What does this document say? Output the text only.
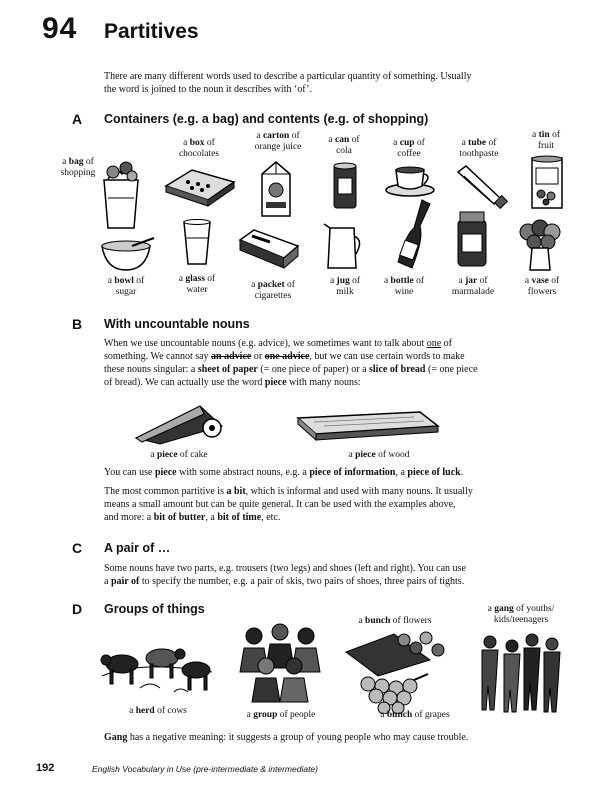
94 Partitives
There are many different words used to describe a particular quantity of something. Usually
the word is joined to the noun it describes with ‘of’.
A Containers (e.g. a bag) and contents (e.g. of shopping)
a bag of
shopping
a box of
chocolates
a carton of
orange juice
a can of
cola
a cup of
coffee
a tube of
toothpaste
a tin of
fruit
a bowl of
sugar
a glass of
water	a packet of
cigarettes
a jug of
milk
a bottle of
wine
a jar of
marmalade
a vase of
flowers
B With uncountable nouns
When we use uncountable nouns (e.g. advice), we sometimes want to talk about one of
something. We cannot say an advice or one advice, but we can use certain words to make
these nouns singular: a sheet of paper (= one piece of paper) or a slice of bread (= one piece
of bread). We can actually use the word piece with many nouns:
a piece of cake	a piece of wood
You can use piece with some abstract nouns, e.g. a piece of information, a piece of luck.
The most common partitive is a bit, which is informal and used with many nouns. It usually
means a small amount but can be quite general. It can be used with the examples above,
and more: a bit of butter, a bit of time, etc.
C A pair of …
Some nouns have two parts, e.g. trousers (two legs) and shoes (left and right). You can use
a pair of to specify the number, e.g. a pair of skis, two pairs of shoes, three pairs of tights.
D Groups of things
a bunch of flowers
a gang of youths/
kids/teenagers
a herd of cows	a group of people	a bunch of grapes
Gang has a negative meaning: it suggests a group of young people who may cause trouble.
192	English Vocabulary in Use (pre-intermediate & intermediate)
